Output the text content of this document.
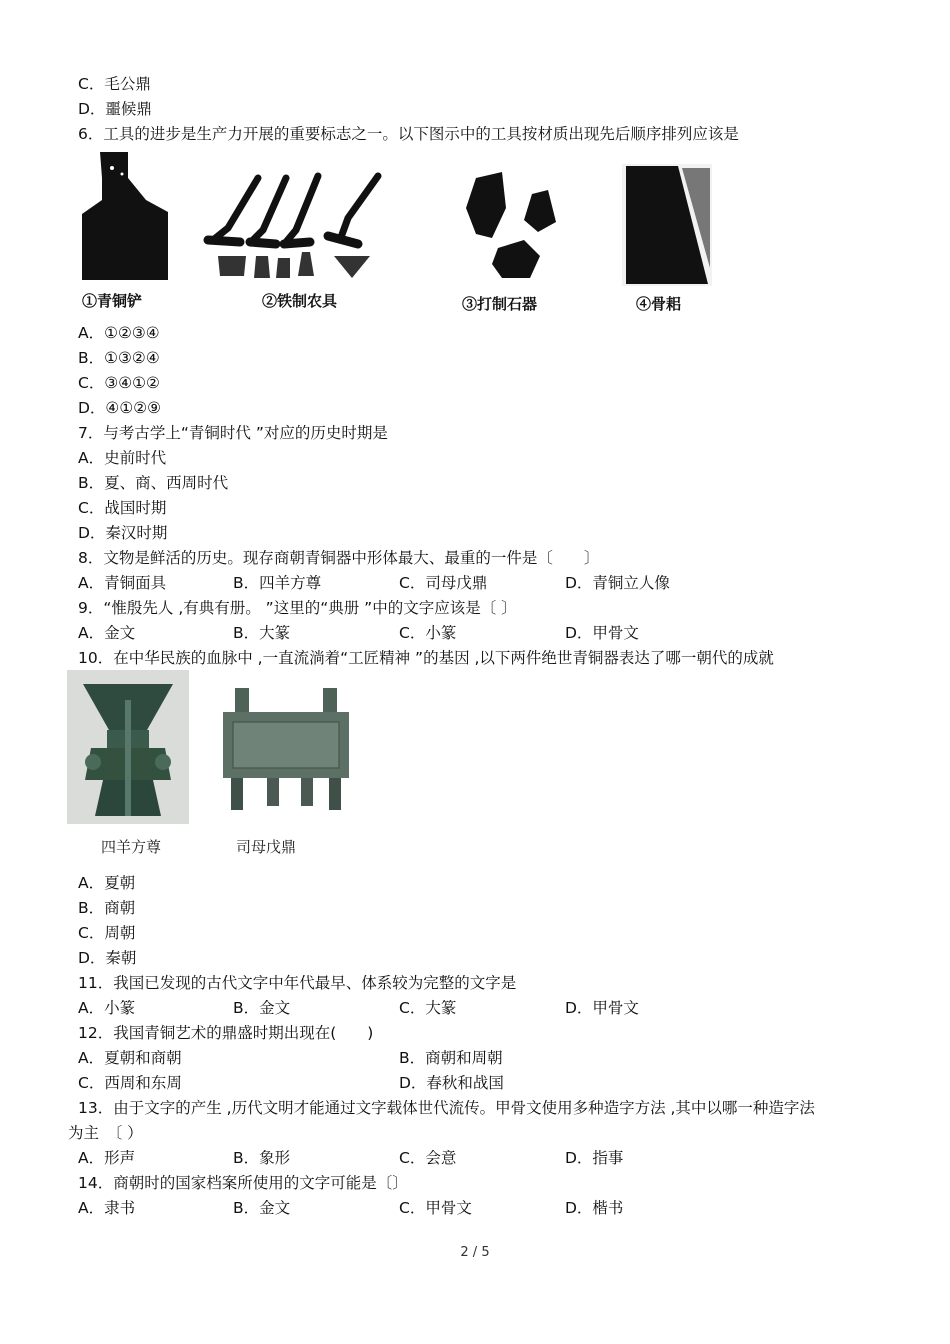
C．毛公鼎
D．噩候鼎
6．工具的进步是生产力开展的重要标志之一。以下图示中的工具按材质出现先后顺序排列应该是
①青铜铲	②铁制农具	③打制石器	④骨耜
A．①②③④
B．①③②④
C．③④①②
D．④①②⑨
7．与考古学上“青铜时代 ”对应的历史时期是
A．史前时代
B．夏、商、西周时代
C．战国时期
D．秦汉时期
8．文物是鲜活的历史。现存商朝青铜器中形体最大、最重的一件是〔　　〕
A．青铜面具	B．四羊方尊	C．司母戊鼎	D．青铜立人像
9．“惟殷先人 ,有典有册。 ”这里的“典册 ”中的文字应该是〔 〕
A．金文	B．大篆	C．小篆	D．甲骨文
10．在中华民族的血脉中 ,一直流淌着“工匠精神 ”的基因 ,以下两件绝世青铜器表达了哪一朝代的成就
四羊方尊	司母戊鼎
A．夏朝
B．商朝
C．周朝
D．秦朝
11．我国已发现的古代文字中年代最早、体系较为完整的文字是
A．小篆	B．金文	C．大篆	D．甲骨文
12．我国青铜艺术的鼎盛时期出现在(　　)
A．夏朝和商朝	B．商朝和周朝
C．西周和东周	D．春秋和战国
13．由于文字的产生 ,历代文明才能通过文字载体世代流传。甲骨文使用多种造字方法 ,其中以哪一种造字法
为主　〔 ）
A．形声	B．象形	C．会意	D．指事
14．商朝时的国家档案所使用的文字可能是〔〕
A．隶书	B．金文	C．甲骨文	D．楷书
2 / 5
